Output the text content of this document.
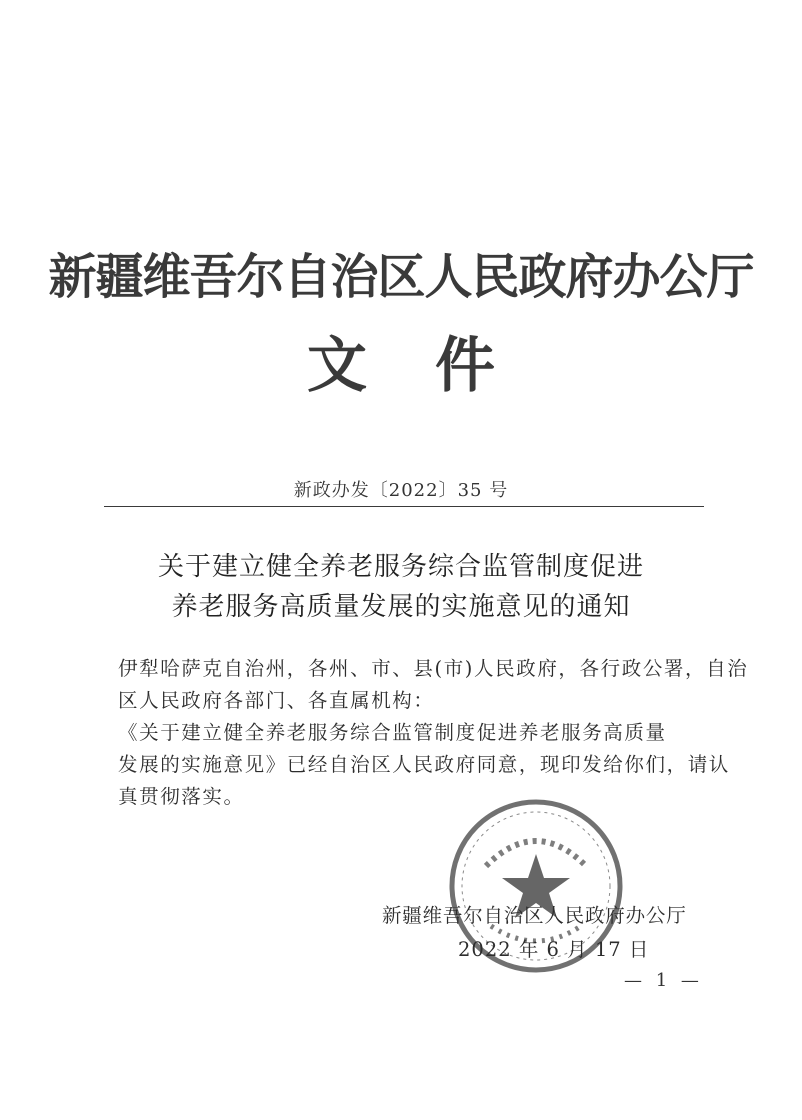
新疆维吾尔自治区人民政府办公厅
文件
新政办发〔2022〕35 号
关于建立健全养老服务综合监管制度促进
养老服务高质量发展的实施意见的通知
伊犁哈萨克自治州，各州、市、县(市)人民政府，各行政公署，自治
区人民政府各部门、各直属机构：
《关于建立健全养老服务综合监管制度促进养老服务高质量
发展的实施意见》已经自治区人民政府同意，现印发给你们，请认
真贯彻落实。
新疆维吾尔自治区人民政府办公厅
2022 年 6 月 17 日
— 1 —
